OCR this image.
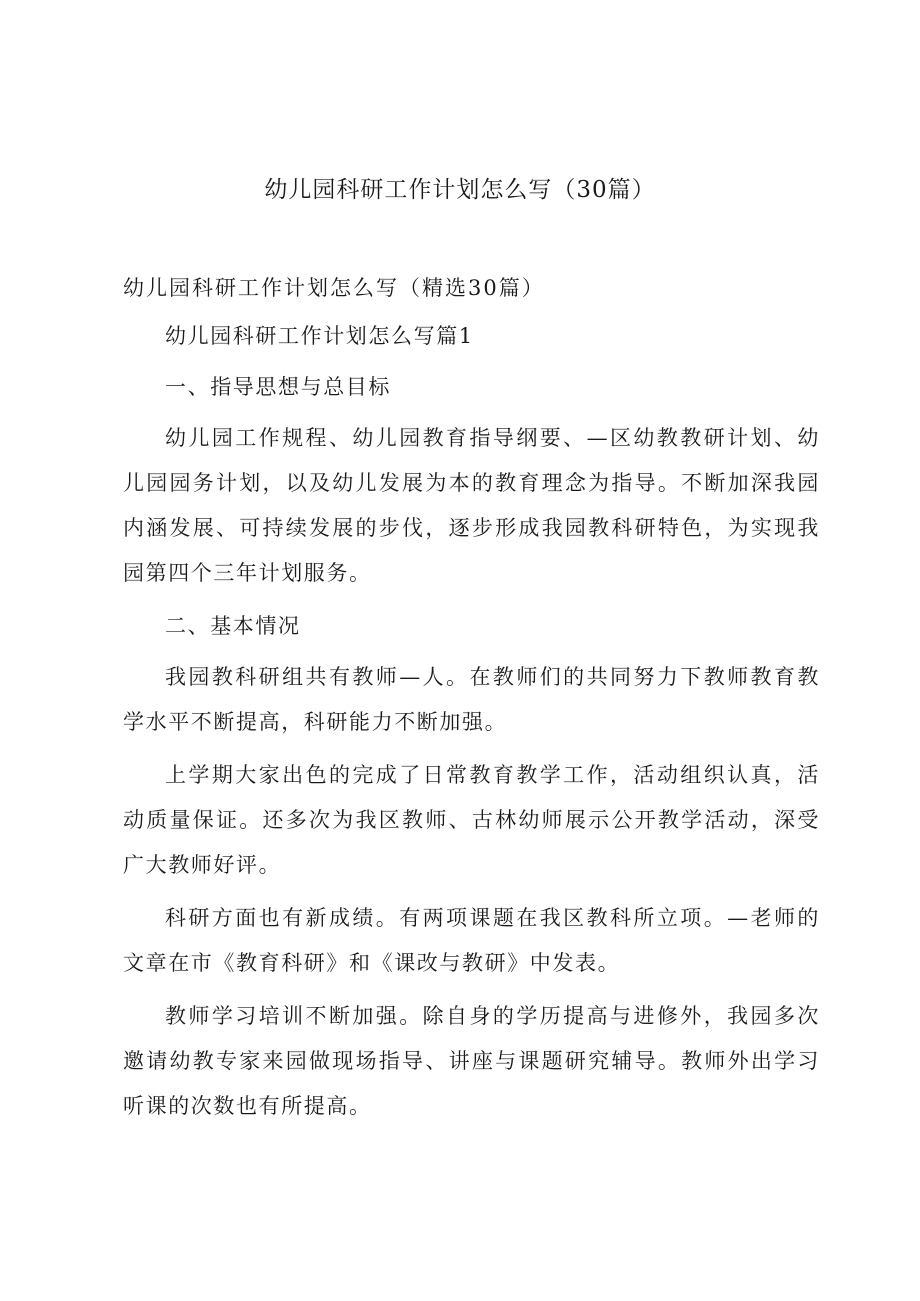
幼儿园科研工作计划怎么写（30篇）
幼儿园科研工作计划怎么写（精选30篇）

幼儿园科研工作计划怎么写篇1

一、指导思想与总目标

幼儿园工作规程、幼儿园教育指导纲要、—区幼教教研计划、幼儿园园务计划，以及幼儿发展为本的教育理念为指导。不断加深我园内涵发展、可持续发展的步伐，逐步形成我园教科研特色，为实现我园第四个三年计划服务。

二、基本情况

我园教科研组共有教师—人。在教师们的共同努力下教师教育教学水平不断提高，科研能力不断加强。

上学期大家出色的完成了日常教育教学工作，活动组织认真，活动质量保证。还多次为我区教师、古林幼师展示公开教学活动，深受广大教师好评。

科研方面也有新成绩。有两项课题在我区教科所立项。—老师的文章在市《教育科研》和《课改与教研》中发表。

教师学习培训不断加强。除自身的学历提高与进修外，我园多次邀请幼教专家来园做现场指导、讲座与课题研究辅导。教师外出学习听课的次数也有所提高。
